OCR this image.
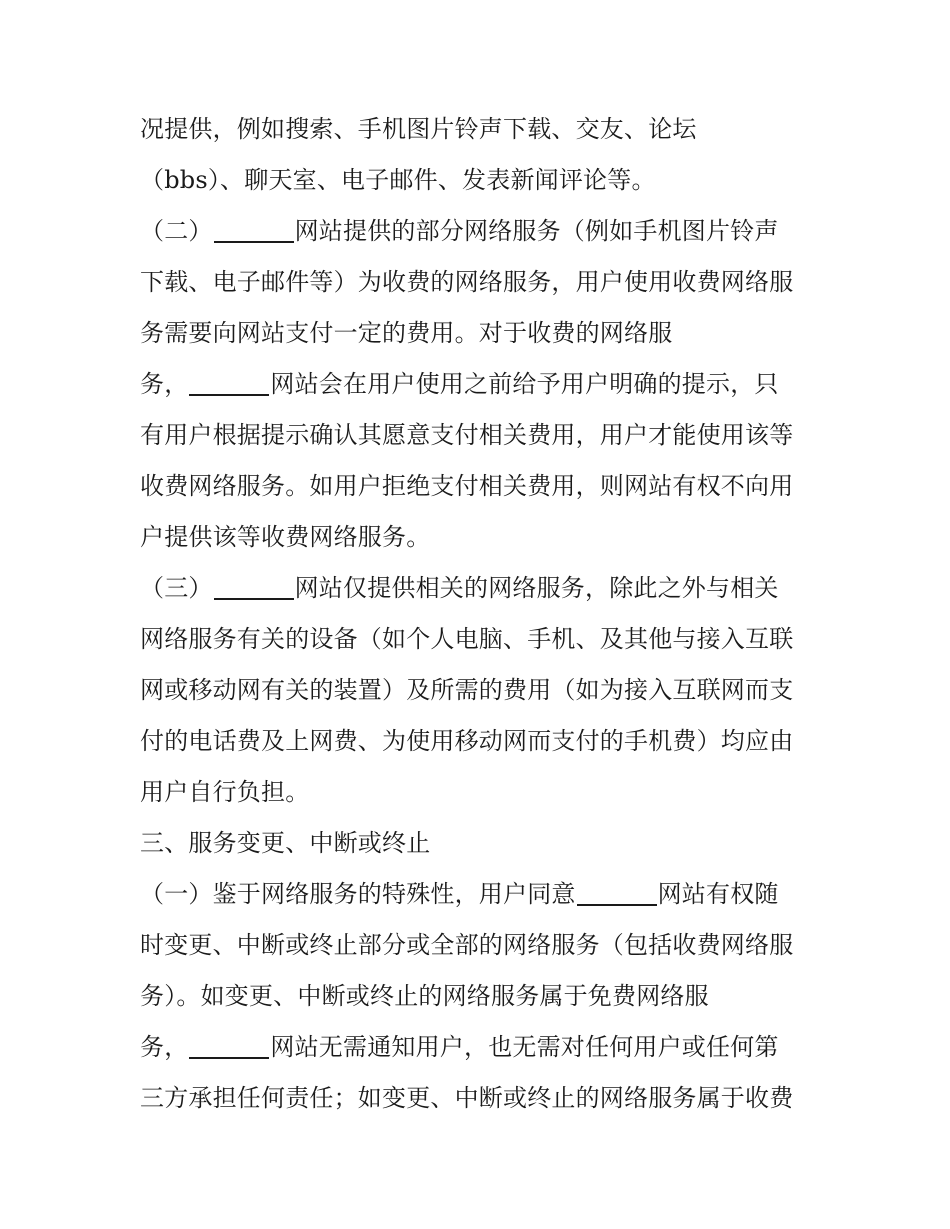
况提供，例如搜索、手机图片铃声下载、交友、论坛
（bbs）、聊天室、电子邮件、发表新闻评论等。
（二）	网站提供的部分网络服务（例如手机图片铃声
下载、电子邮件等）为收费的网络服务，用户使用收费网络服
务需要向网站支付一定的费用。对于收费的网络服
务，	网站会在用户使用之前给予用户明确的提示，只
有用户根据提示确认其愿意支付相关费用，用户才能使用该等
收费网络服务。如用户拒绝支付相关费用，则网站有权不向用
户提供该等收费网络服务。
（三）	网站仅提供相关的网络服务，除此之外与相关
网络服务有关的设备（如个人电脑、手机、及其他与接入互联
网或移动网有关的装置）及所需的费用（如为接入互联网而支
付的电话费及上网费、为使用移动网而支付的手机费）均应由
用户自行负担。
三、服务变更、中断或终止
（一）鉴于网络服务的特殊性，用户同意	网站有权随
时变更、中断或终止部分或全部的网络服务（包括收费网络服
务）。如变更、中断或终止的网络服务属于免费网络服
务，	网站无需通知用户，也无需对任何用户或任何第
三方承担任何责任；如变更、中断或终止的网络服务属于收费
